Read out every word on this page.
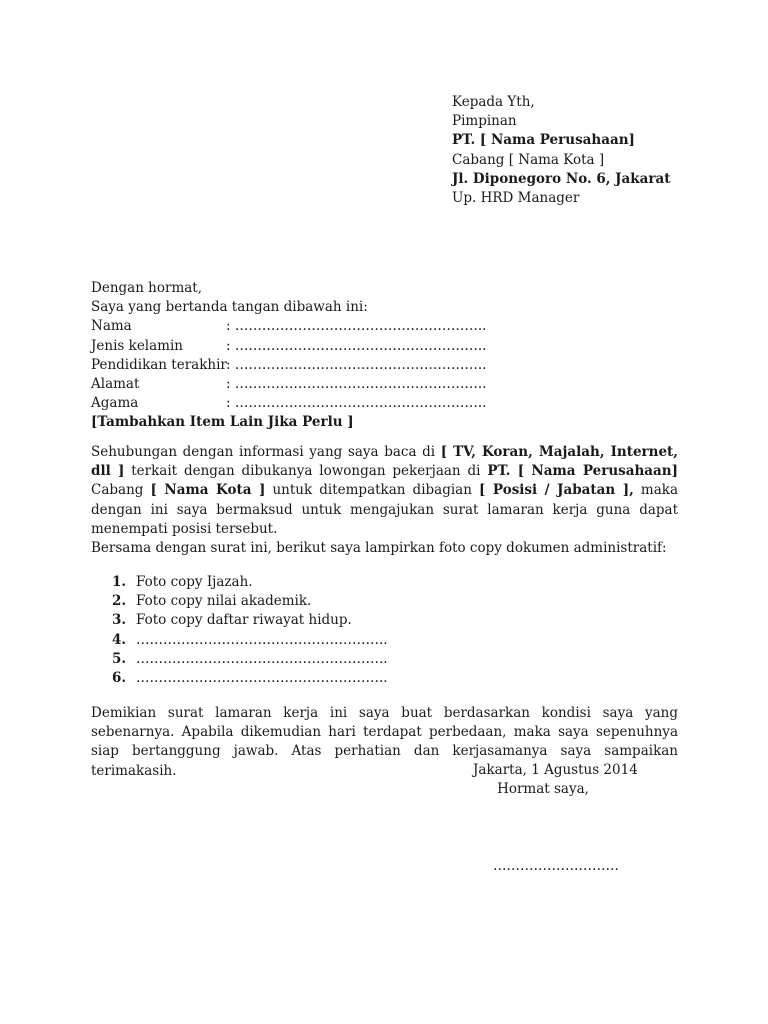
Kepada Yth,
Pimpinan
PT. [ Nama Perusahaan]
Cabang [ Nama Kota ]
Jl. Diponegoro No. 6, Jakarat
Up. HRD Manager
Dengan hormat,
Saya yang bertanda tangan dibawah ini:
Nama	: ………………………………………………..
Jenis kelamin	: ………………………………………………..
Pendidikan terakhir : ………………………………………………..
Alamat	: ………………………………………………..
Agama	: ………………………………………………..
[Tambahkan Item Lain Jika Perlu ]
Sehubungan dengan informasi yang saya baca di [ TV, Koran, Majalah, Internet, dll ] terkait dengan dibukanya lowongan pekerjaan di PT. [ Nama Perusahaan] Cabang [ Nama Kota ] untuk ditempatkan dibagian [ Posisi / Jabatan ], maka dengan ini saya bermaksud untuk mengajukan surat lamaran kerja guna dapat menempati posisi tersebut.
Bersama dengan surat ini, berikut saya lampirkan foto copy dokumen administratif:
1. Foto copy Ijazah.
2. Foto copy nilai akademik.
3. Foto copy daftar riwayat hidup.
4. ………………………………………………..
5. ………………………………………………..
6. ………………………………………………..
Demikian surat lamaran kerja ini saya buat berdasarkan kondisi saya yang sebenarnya. Apabila dikemudian hari terdapat perbedaan, maka saya sepenuhnya siap bertanggung jawab. Atas perhatian dan kerjasamanya saya sampaikan terimakasih.	Jakarta, 1 Agustus 2014
Hormat saya,
……………………….
